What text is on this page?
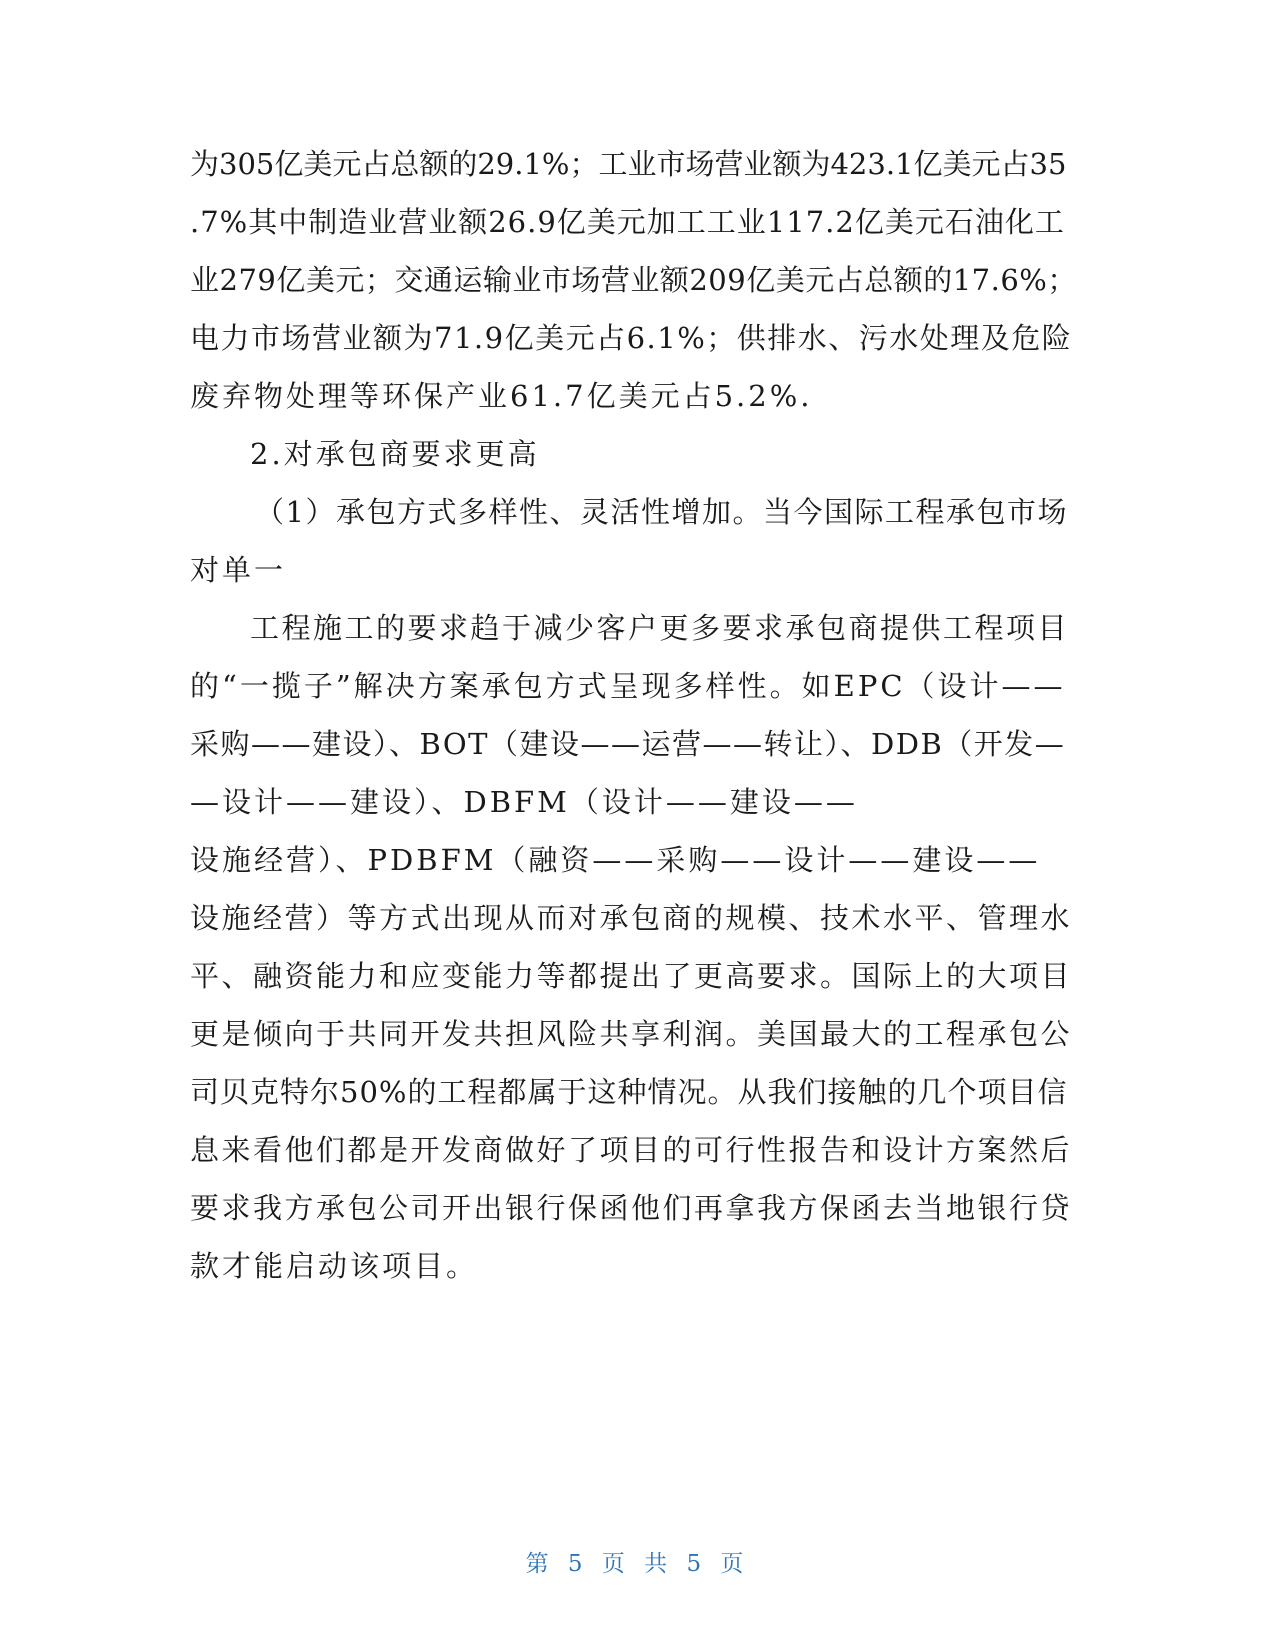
为305亿美元占总额的29.1%；工业市场营业额为423.1亿美元占35
.7%其中制造业营业额26.9亿美元加工工业117.2亿美元石油化工
业279亿美元；交通运输业市场营业额209亿美元占总额的17.6%；
电力市场营业额为71.9亿美元占6.1%；供排水、污水处理及危险
废弃物处理等环保产业61.7亿美元占5.2%.
2.对承包商要求更高
（1）承包方式多样性、灵活性增加。当今国际工程承包市场
对单一
工程施工的要求趋于减少客户更多要求承包商提供工程项目
的“一揽子”解决方案承包方式呈现多样性。如EPC（设计——
采购——建设）、BOT（建设——运营——转让）、DDB（开发—
—设计——建设）、DBFM（设计——建设——
设施经营）、PDBFM（融资——采购——设计——建设——
设施经营）等方式出现从而对承包商的规模、技术水平、管理水
平、融资能力和应变能力等都提出了更高要求。国际上的大项目
更是倾向于共同开发共担风险共享利润。美国最大的工程承包公
司贝克特尔50%的工程都属于这种情况。从我们接触的几个项目信
息来看他们都是开发商做好了项目的可行性报告和设计方案然后
要求我方承包公司开出银行保函他们再拿我方保函去当地银行贷
款才能启动该项目。
第 5 页 共 5 页
